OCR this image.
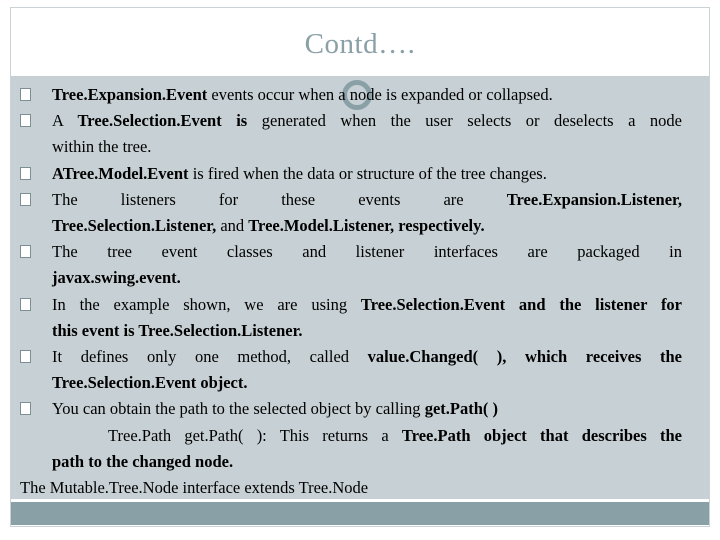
Contd….
Tree.Expansion.Event events occur when a node is expanded or collapsed.
A Tree.Selection.Event is generated when the user selects or deselects a node
within the tree.
ATree.Model.Event is fired when the data or structure of the tree changes.
The listeners for these events are Tree.Expansion.Listener,
Tree.Selection.Listener, and Tree.Model.Listener, respectively.
The tree event classes and listener interfaces are packaged in
javax.swing.event.
In the example shown, we are using Tree.Selection.Event and the listener for
this event is Tree.Selection.Listener.
It defines only one method, called value.Changed( ), which receives the
Tree.Selection.Event object.
You can obtain the path to the selected object by calling get.Path( )
Tree.Path get.Path( ): This returns a Tree.Path object that describes the
path to the changed node.
The Mutable.Tree.Node interface extends Tree.Node
